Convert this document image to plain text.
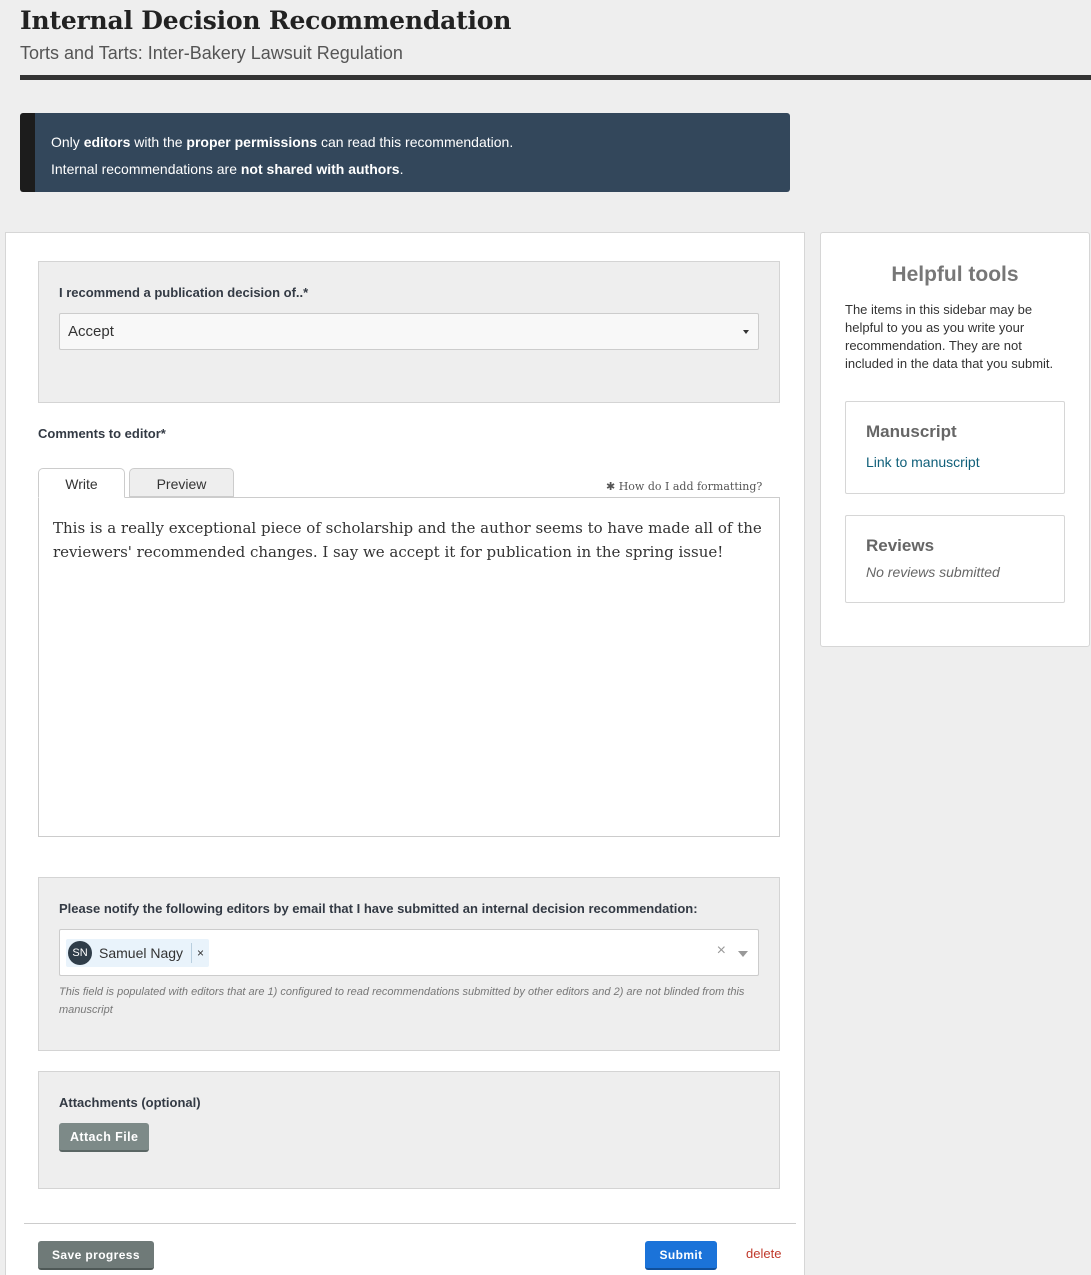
Internal Decision Recommendation
Torts and Tarts: Inter-Bakery Lawsuit Regulation
Only editors with the proper permissions can read this recommendation.
Internal recommendations are not shared with authors.
I recommend a publication decision of..*
Accept
Comments to editor*
Write	Preview	✱ How do I add formatting?
This is a really exceptional piece of scholarship and the author seems to have made all of the reviewers' recommended changes. I say we accept it for publication in the spring issue!
Please notify the following editors by email that I have submitted an internal decision recommendation:
SN Samuel Nagy	×	×
This field is populated with editors that are 1) configured to read recommendations submitted by other editors and 2) are not blinded from this manuscript
Attachments (optional)
Attach File
Save progress	Submit	delete
Helpful tools
The items in this sidebar may be helpful to you as you write your recommendation. They are not included in the data that you submit.
Manuscript
Link to manuscript
Reviews
No reviews submitted
